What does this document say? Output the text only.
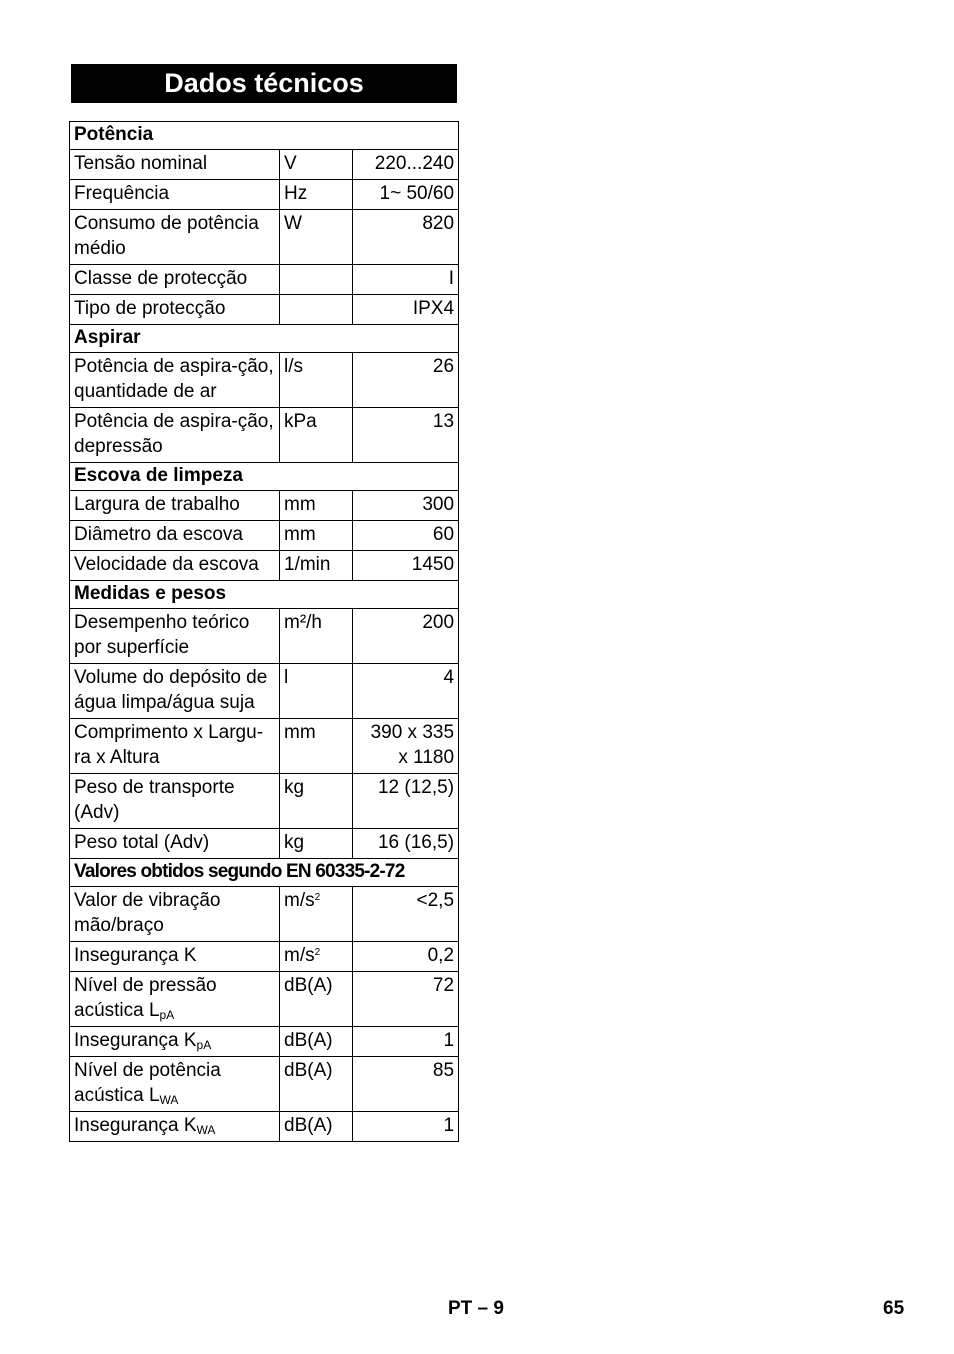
Dados técnicos
Potência		
Tensão nominal	V	220...240
Frequência	Hz	1~ 50/60
Consumo de potência médio	W	820
Classe de protecção		I
Tipo de protecção		IPX4
Aspirar		
Potência de aspira-ção, quantidade de ar	l/s	26
Potência de aspira-ção, depressão	kPa	13
Escova de limpeza		
Largura de trabalho	mm	300
Diâmetro da escova	mm	60
Velocidade da escova	1/min	1450
Medidas e pesos		
Desempenho teórico por superfície	m²/h	200
Volume do depósito de água limpa/água suja	l	4
Comprimento x Largu-ra x Altura	mm	390 x 335 x 1180
Peso de transporte (Adv)	kg	12 (12,5)
Peso total (Adv)	kg	16 (16,5)
Valores obtidos segundo EN 60335-2-72		
Valor de vibração mão/braço	$m/s^2$	<2,5
Insegurança K	$m/s^2$	0,2
Nível de pressão acústica $L_{pA}$	dB(A)	72
Insegurança $K_{pA}$	dB(A)	1
Nível de potência acústica $L_{WA}$	dB(A)	85
Insegurança $K_{WA}$	dB(A)	1
PT – 9	65
